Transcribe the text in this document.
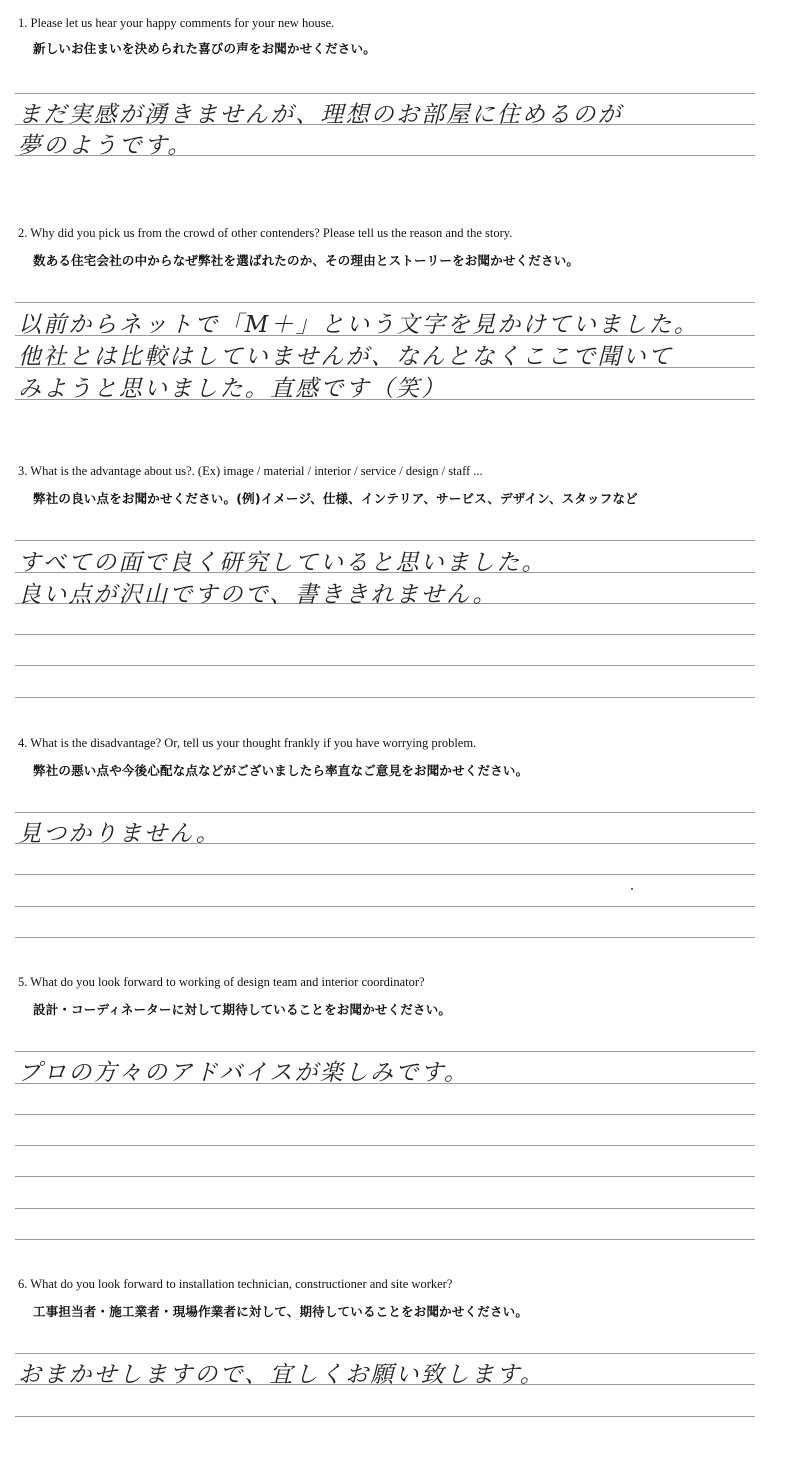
1. Please let us hear your happy comments for your new house.
新しいお住まいを決められた喜びの声をお聞かせください。
まだ実感が湧きませんが、理想のお部屋に住めるのが
夢のようです。
2. Why did you pick us from the crowd of other contenders? Please tell us the reason and the story.
数ある住宅会社の中からなぜ弊社を選ばれたのか、その理由とストーリーをお聞かせください。
以前からネットで「M＋」という文字を見かけていました。
他社とは比較はしていませんが、なんとなくここで聞いて
みようと思いました。直感です（笑）
3. What is the advantage about us?. (Ex) image / material / interior / service / design / staff ...
弊社の良い点をお聞かせください。(例)イメージ、仕様、インテリア、サービス、デザイン、スタッフなど
すべての面で良く研究していると思いました。
良い点が沢山ですので、書ききれません。
4. What is the disadvantage? Or, tell us your thought frankly if you have worrying problem.
弊社の悪い点や今後心配な点などがございましたら率直なご意見をお聞かせください。
見つかりません。
5. What do you look forward to working of design team and interior coordinator?
設計・コーディネーターに対して期待していることをお聞かせください。
プロの方々のアドバイスが楽しみです。
6. What do you look forward to installation technician, constructioner and site worker?
工事担当者・施工業者・現場作業者に対して、期待していることをお聞かせください。
おまかせしますので、宜しくお願い致します。
